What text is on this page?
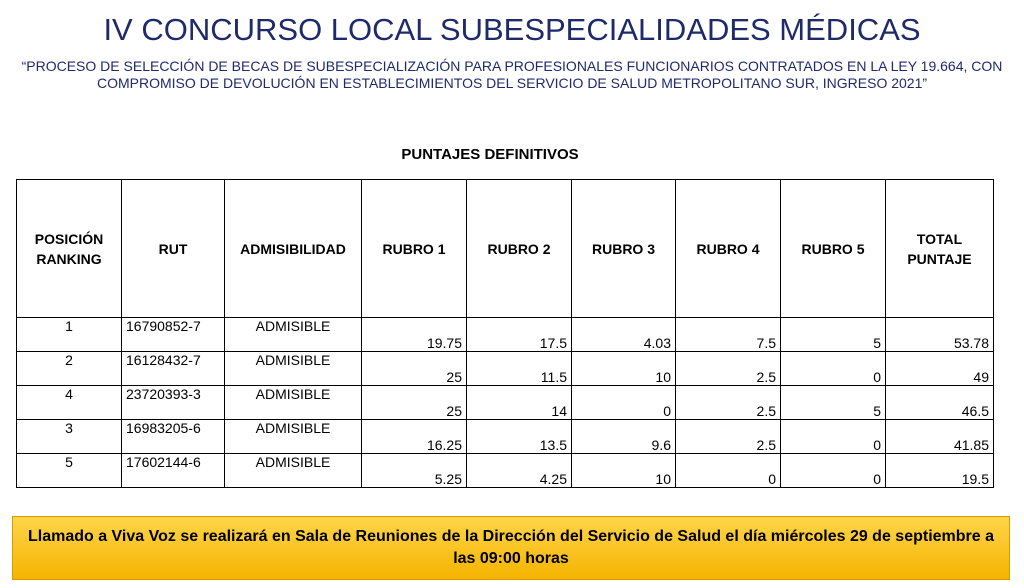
IV CONCURSO LOCAL SUBESPECIALIDADES MÉDICAS
“PROCESO DE SELECCIÓN DE BECAS DE SUBESPECIALIZACIÓN PARA PROFESIONALES FUNCIONARIOS CONTRATADOS EN LA LEY 19.664, CON COMPROMISO DE DEVOLUCIÓN EN ESTABLECIMIENTOS DEL SERVICIO DE SALUD METROPOLITANO SUR, INGRESO 2021”
PUNTAJES DEFINITIVOS
POSICIÓN RANKING	RUT	ADMISIBILIDAD	RUBRO 1	RUBRO 2	RUBRO 3	RUBRO 4	RUBRO 5	TOTAL PUNTAJE
1	16790852-7	ADMISIBLE	19.75	17.5	4.03	7.5	5	53.78
2	16128432-7	ADMISIBLE	25	11.5	10	2.5	0	49
4	23720393-3	ADMISIBLE	25	14	0	2.5	5	46.5
3	16983205-6	ADMISIBLE	16.25	13.5	9.6	2.5	0	41.85
5	17602144-6	ADMISIBLE	5.25	4.25	10	0	0	19.5
Llamado a Viva Voz se realizará en Sala de Reuniones de la Dirección del Servicio de Salud el día miércoles 29 de septiembre a las 09:00 horas
